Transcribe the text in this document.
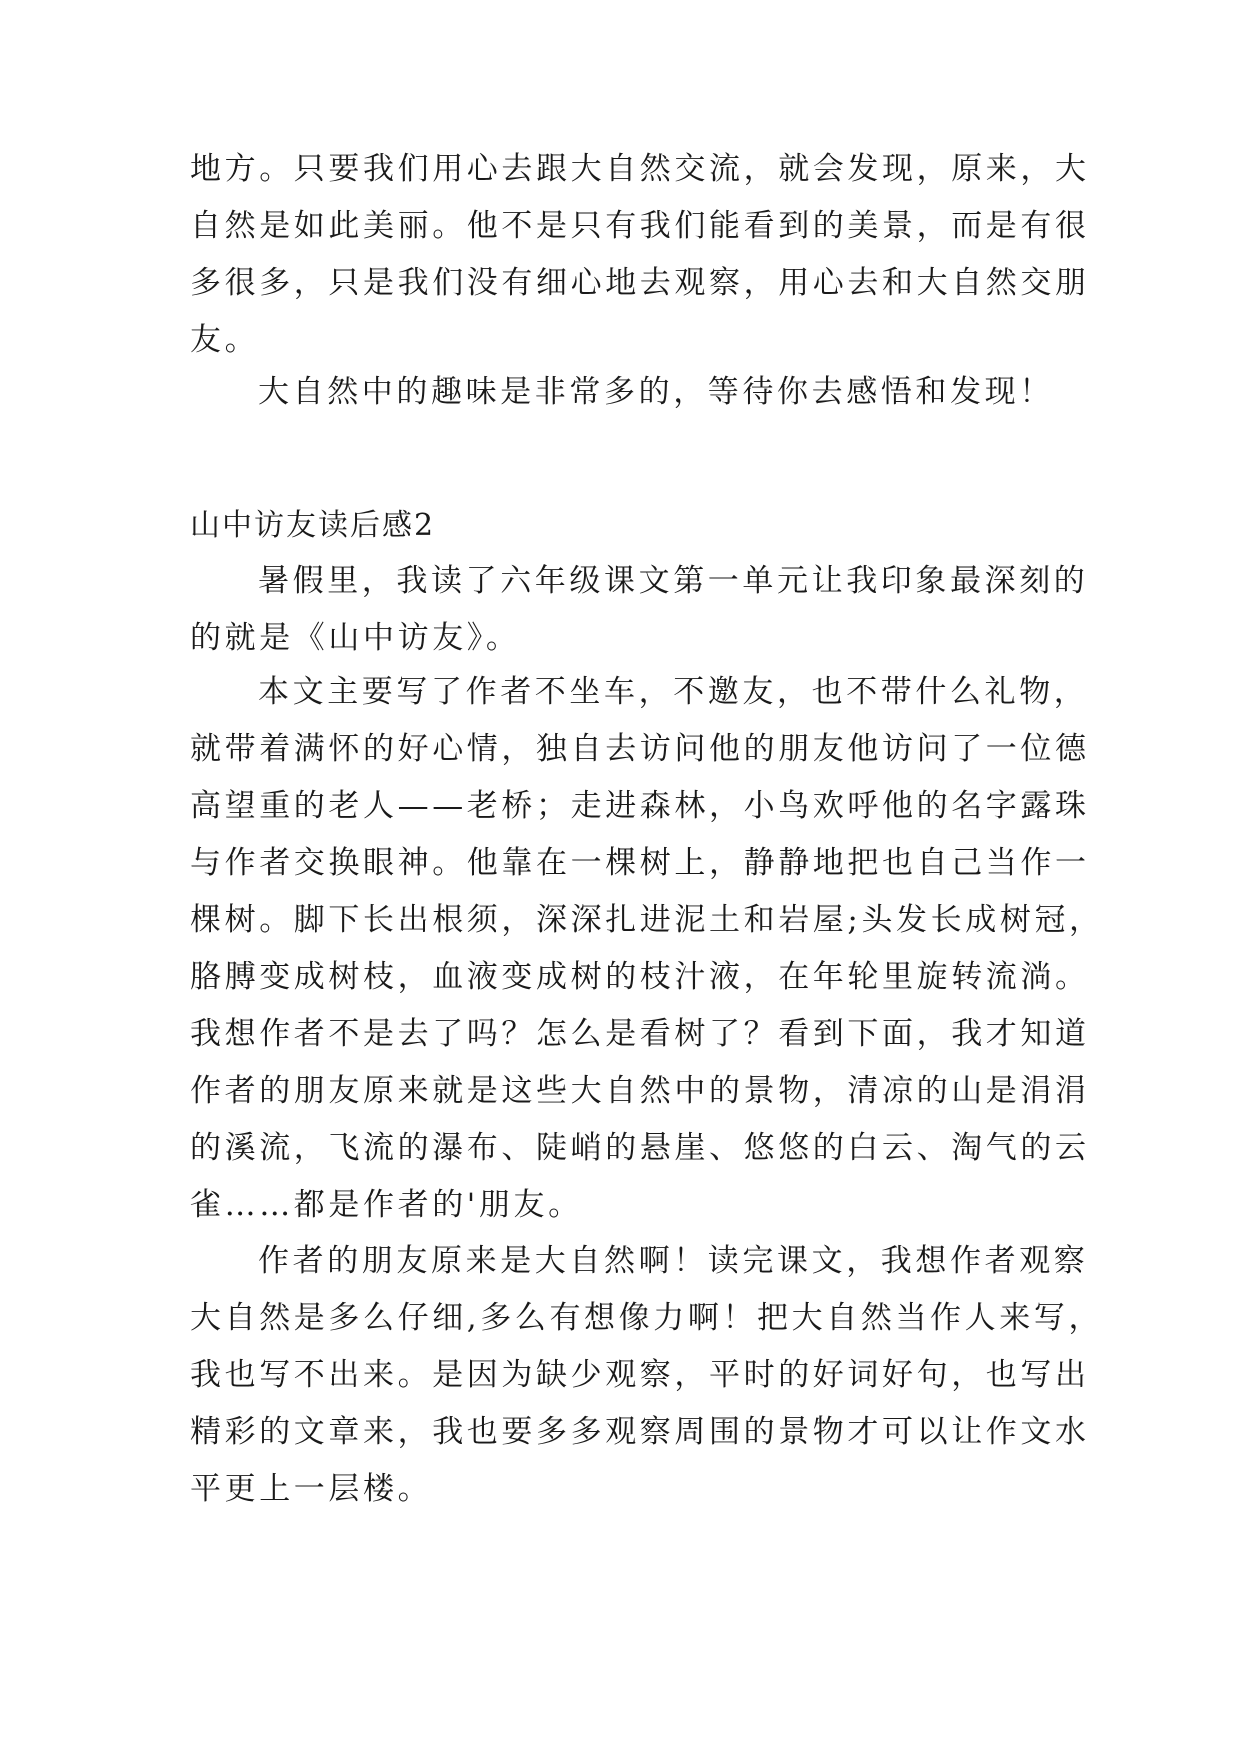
地方。只要我们用心去跟大自然交流，就会发现，原来，大
自然是如此美丽。他不是只有我们能看到的美景，而是有很
多很多，只是我们没有细心地去观察，用心去和大自然交朋
友。
大自然中的趣味是非常多的，等待你去感悟和发现！
山中访友读后感2
暑假里，我读了六年级课文第一单元让我印象最深刻的
的就是《山中访友》。
本文主要写了作者不坐车，不邀友，也不带什么礼物，
就带着满怀的好心情，独自去访问他的朋友他访问了一位德
高望重的老人——老桥；走进森林，小鸟欢呼他的名字露珠
与作者交换眼神。他靠在一棵树上，静静地把也自己当作一
棵树。脚下长出根须，深深扎进泥土和岩屋;头发长成树冠，
胳膊变成树枝，血液变成树的枝汁液，在年轮里旋转流淌。
我想作者不是去了吗？怎么是看树了？看到下面，我才知道
作者的朋友原来就是这些大自然中的景物，清凉的山是涓涓
的溪流，飞流的瀑布、陡峭的悬崖、悠悠的白云、淘气的云
雀……都是作者的'朋友。
作者的朋友原来是大自然啊！读完课文，我想作者观察
大自然是多么仔细,多么有想像力啊！把大自然当作人来写，
我也写不出来。是因为缺少观察，平时的好词好句，也写出
精彩的文章来，我也要多多观察周围的景物才可以让作文水
平更上一层楼。
